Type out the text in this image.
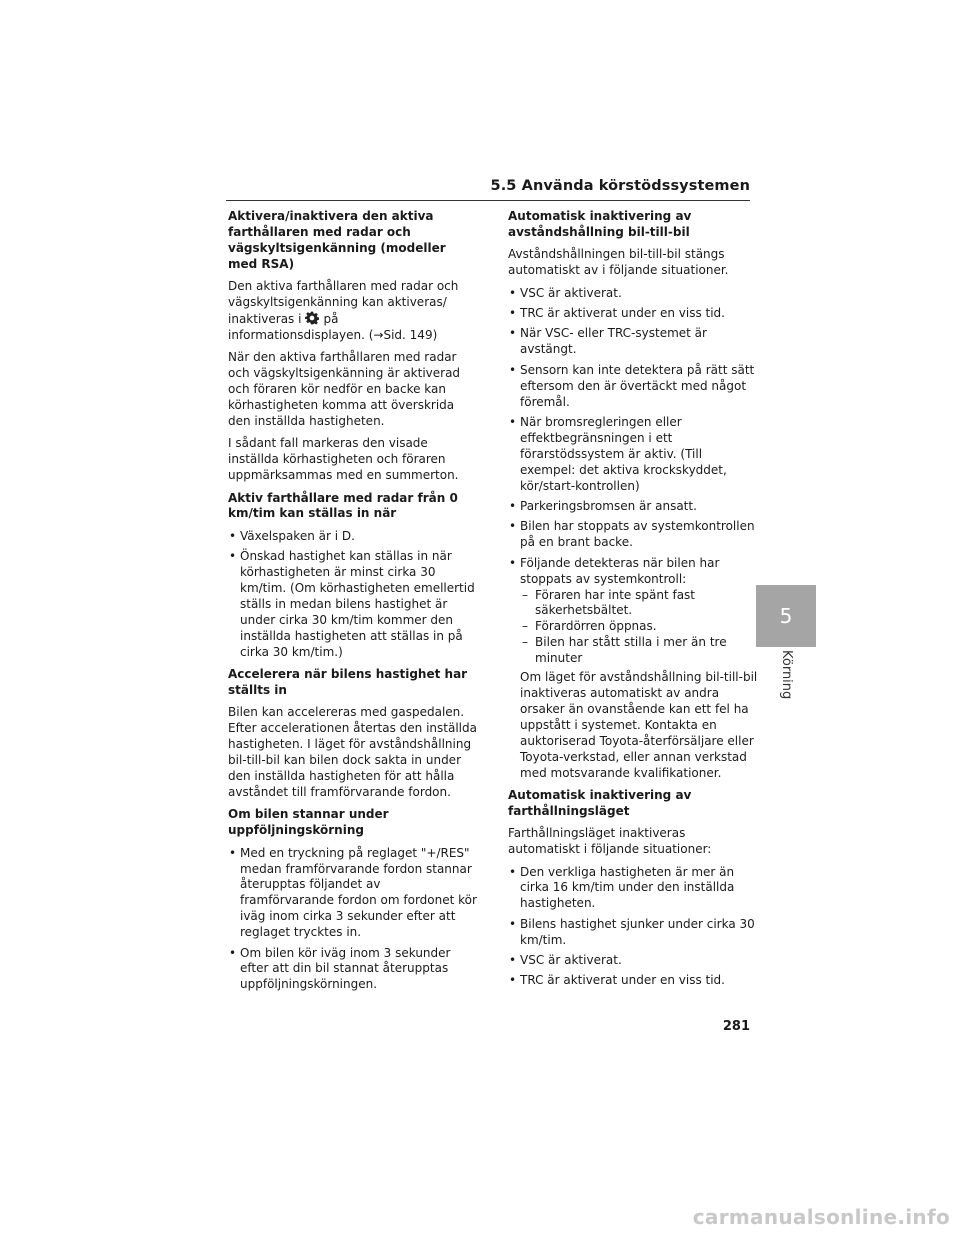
5.5 Använda körstödssystemen
Aktivera/inaktivera den aktiva farthållaren med radar och vägskyltsigenkänning (modeller med RSA)

Den aktiva farthållaren med radar och vägskyltsigenkänning kan aktiveras/ inaktiveras i på informationsdisplayen. (→Sid. 149)

När den aktiva farthållaren med radar och vägskyltsigenkänning är aktiverad och föraren kör nedför en backe kan körhastigheten komma att överskrida den inställda hastigheten.

I sådant fall markeras den visade inställda körhastigheten och föraren uppmärksammas med en summerton.

Aktiv farthållare med radar från 0 km/tim kan ställas in när
• Växelspaken är i D.
• Önskad hastighet kan ställas in när körhastigheten är minst cirka 30 km/tim. (Om körhastigheten emellertid ställs in medan bilens hastighet är under cirka 30 km/tim kommer den inställda hastigheten att ställas in på cirka 30 km/tim.)
Accelerera när bilens hastighet har ställts in

Bilen kan accelereras med gaspedalen. Efter accelerationen återtas den inställda hastigheten. I läget för avståndshållning bil-till-bil kan bilen dock sakta in under den inställda hastigheten för att hålla avståndet till framförvarande fordon.

Om bilen stannar under uppföljningskörning
• Med en tryckning på reglaget "+/RES" medan framförvarande fordon stannar återupptas följandet av framförvarande fordon om fordonet kör iväg inom cirka 3 sekunder efter att reglaget trycktes in.
• Om bilen kör iväg inom 3 sekunder efter att din bil stannat återupptas uppföljningskörningen.
Automatisk inaktivering av avståndshållning bil-till-bil

Avståndshållningen bil-till-bil stängs automatiskt av i följande situationer.

• VSC är aktiverat.
• TRC är aktiverat under en viss tid.
• När VSC- eller TRC-systemet är avstängt.
• Sensorn kan inte detektera på rätt sätt eftersom den är övertäckt med något föremål.
• När bromsregleringen eller effektbegränsningen i ett förarstödssystem är aktiv. (Till exempel: det aktiva krockskyddet, kör/start-kontrollen)
• Parkeringsbromsen är ansatt.
• Bilen har stoppats av systemkontrollen på en brant backe.
• Följande detekteras när bilen har stoppats av systemkontroll:
– Föraren har inte spänt fast säkerhetsbältet.
– Förardörren öppnas.
– Bilen har stått stilla i mer än tre minuter
Om läget för avståndshållning bil-till-bil inaktiveras automatiskt av andra orsaker än ovanstående kan ett fel ha uppstått i systemet. Kontakta en auktoriserad Toyota-återförsäljare eller Toyota-verkstad, eller annan verkstad med motsvarande kvalifikationer.
Automatisk inaktivering av farthållningsläget

Farthållningsläget inaktiveras automatiskt i följande situationer:

• Den verkliga hastigheten är mer än cirka 16 km/tim under den inställda hastigheten.
• Bilens hastighet sjunker under cirka 30 km/tim.
• VSC är aktiverat.
• TRC är aktiverat under en viss tid.
5
Körning
281
carmanualsonline.info
